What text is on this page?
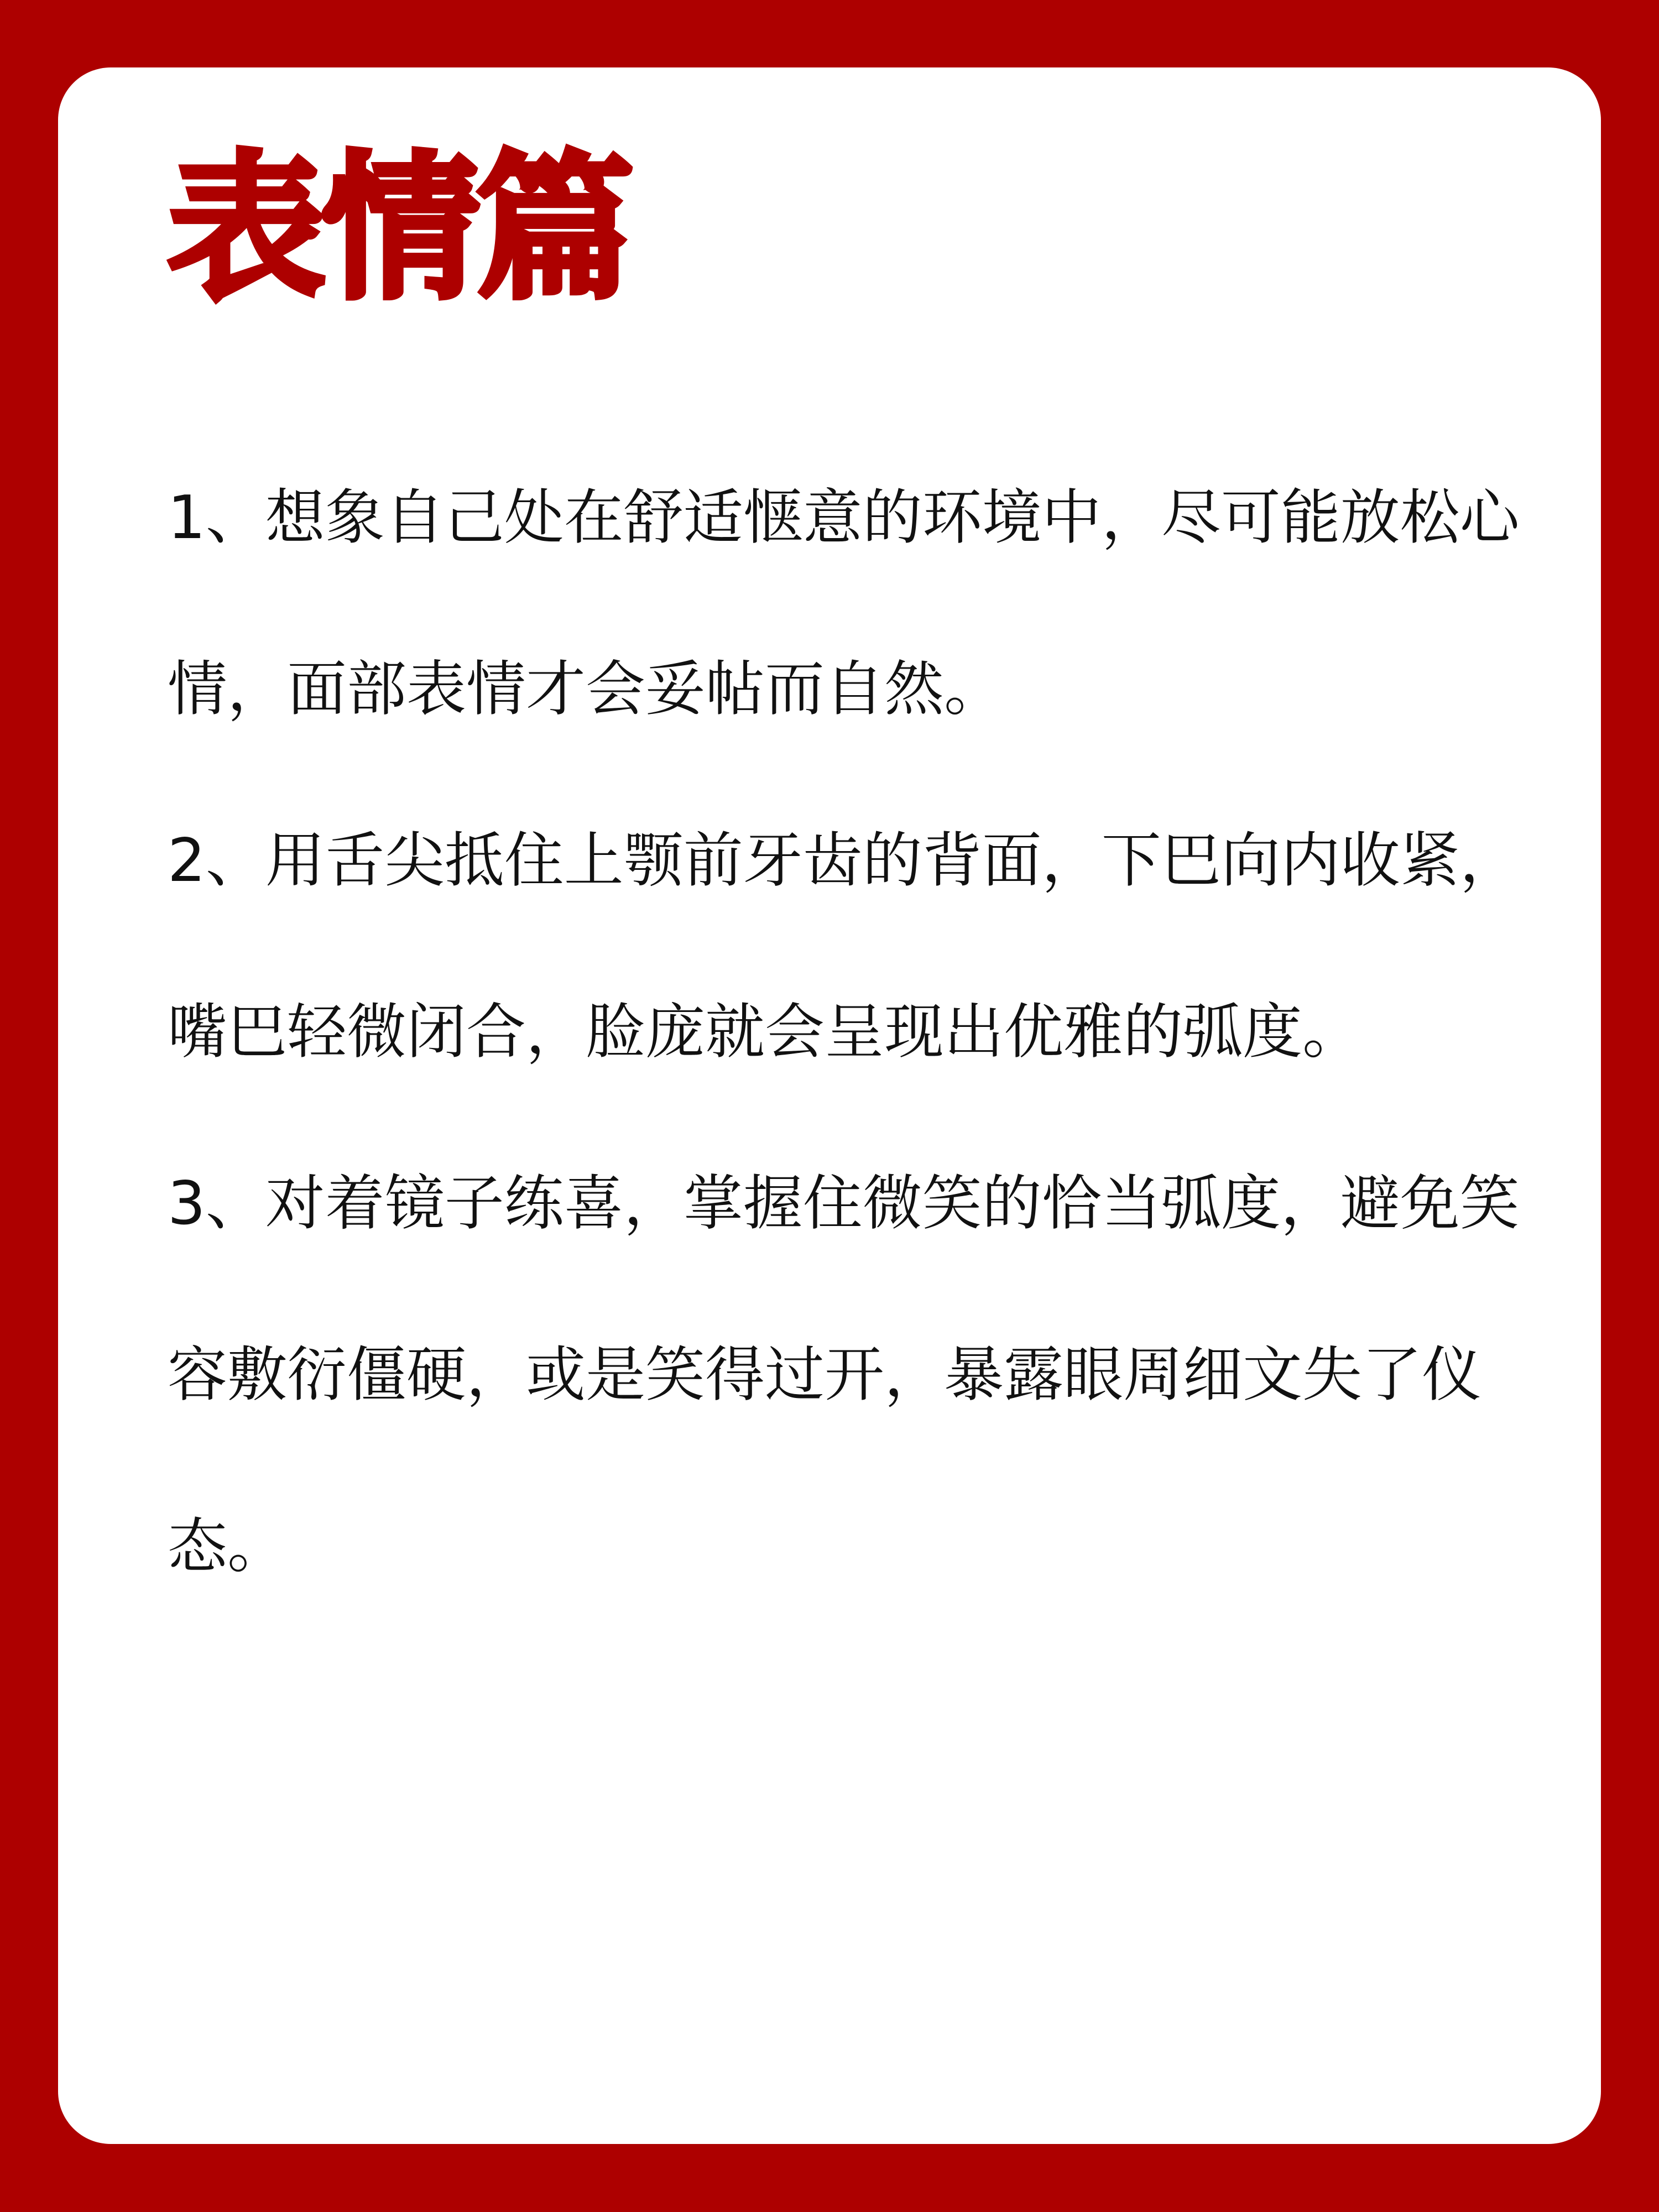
表情篇

1、想象自己处在舒适惬意的环境中，尽可能放松心情，面部表情才会妥帖而自然。

2、用舌尖抵住上颚前牙齿的背面，下巴向内收紧，嘴巴轻微闭合，脸庞就会呈现出优雅的弧度。

3、对着镜子练喜，掌握住微笑的恰当弧度，避免笑容敷衍僵硬，或是笑得过开，暴露眼周细文失了仪态。
